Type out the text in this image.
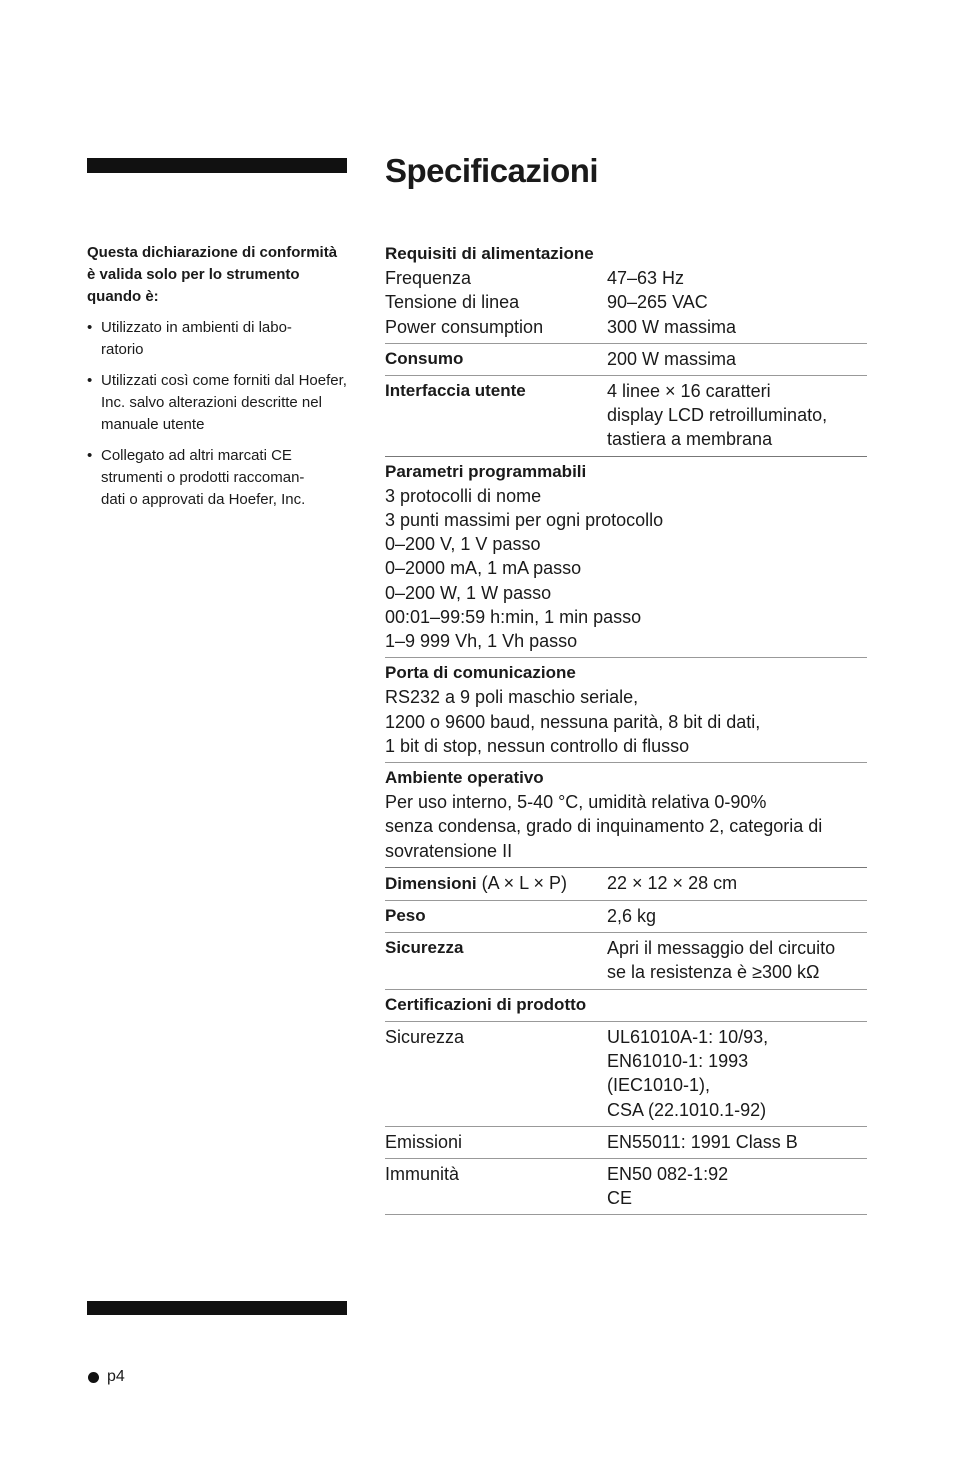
Specificazioni

Questa dichiarazione di conformità è valida solo per lo strumento quando è:

• Utilizzato in ambienti di labo-
ratorio
• Utilizzati così come forniti dal Hoefer, Inc. salvo alterazioni descritte nel manuale utente
• Collegato ad altri marcati CE strumenti o prodotti raccoman-
dati o approvati da Hoefer, Inc.
Requisiti di alimentazione
Frequenza	47–63 Hz
Tensione di linea	90–265 VAC
Power consumption	300 W massima
Consumo	200 W massima
Interfaccia utente	4 linee × 16 caratteri
display LCD retroilluminato,
tastiera a membrana
Parametri programmabili
3 protocolli di nome
3 punti massimi per ogni protocollo
0–200 V, 1 V passo
0–2000 mA, 1 mA passo
0–200 W, 1 W passo
00:01–99:59 h:min, 1 min passo
1–9 999 Vh, 1 Vh passo
Porta di comunicazione
RS232 a 9 poli maschio seriale,
1200 o 9600 baud, nessuna parità, 8 bit di dati,
1 bit di stop, nessun controllo di flusso
Ambiente operativo
Per uso interno, 5-40 °C, umidità relativa 0-90%
senza condensa, grado di inquinamento 2, categoria di
sovratensione II
Dimensioni (A × L × P)	22 × 12 × 28 cm
Peso	2,6 kg
Sicurezza	Apri il messaggio del circuito
se la resistenza è ≥300 kΩ
Certificazioni di prodotto
Sicurezza	UL61010A-1: 10/93,
EN61010-1: 1993
(IEC1010-1),
CSA (22.1010.1-92)
Emissioni	EN55011: 1991 Class B
Immunità	EN50 082-1:92
CE
p4
